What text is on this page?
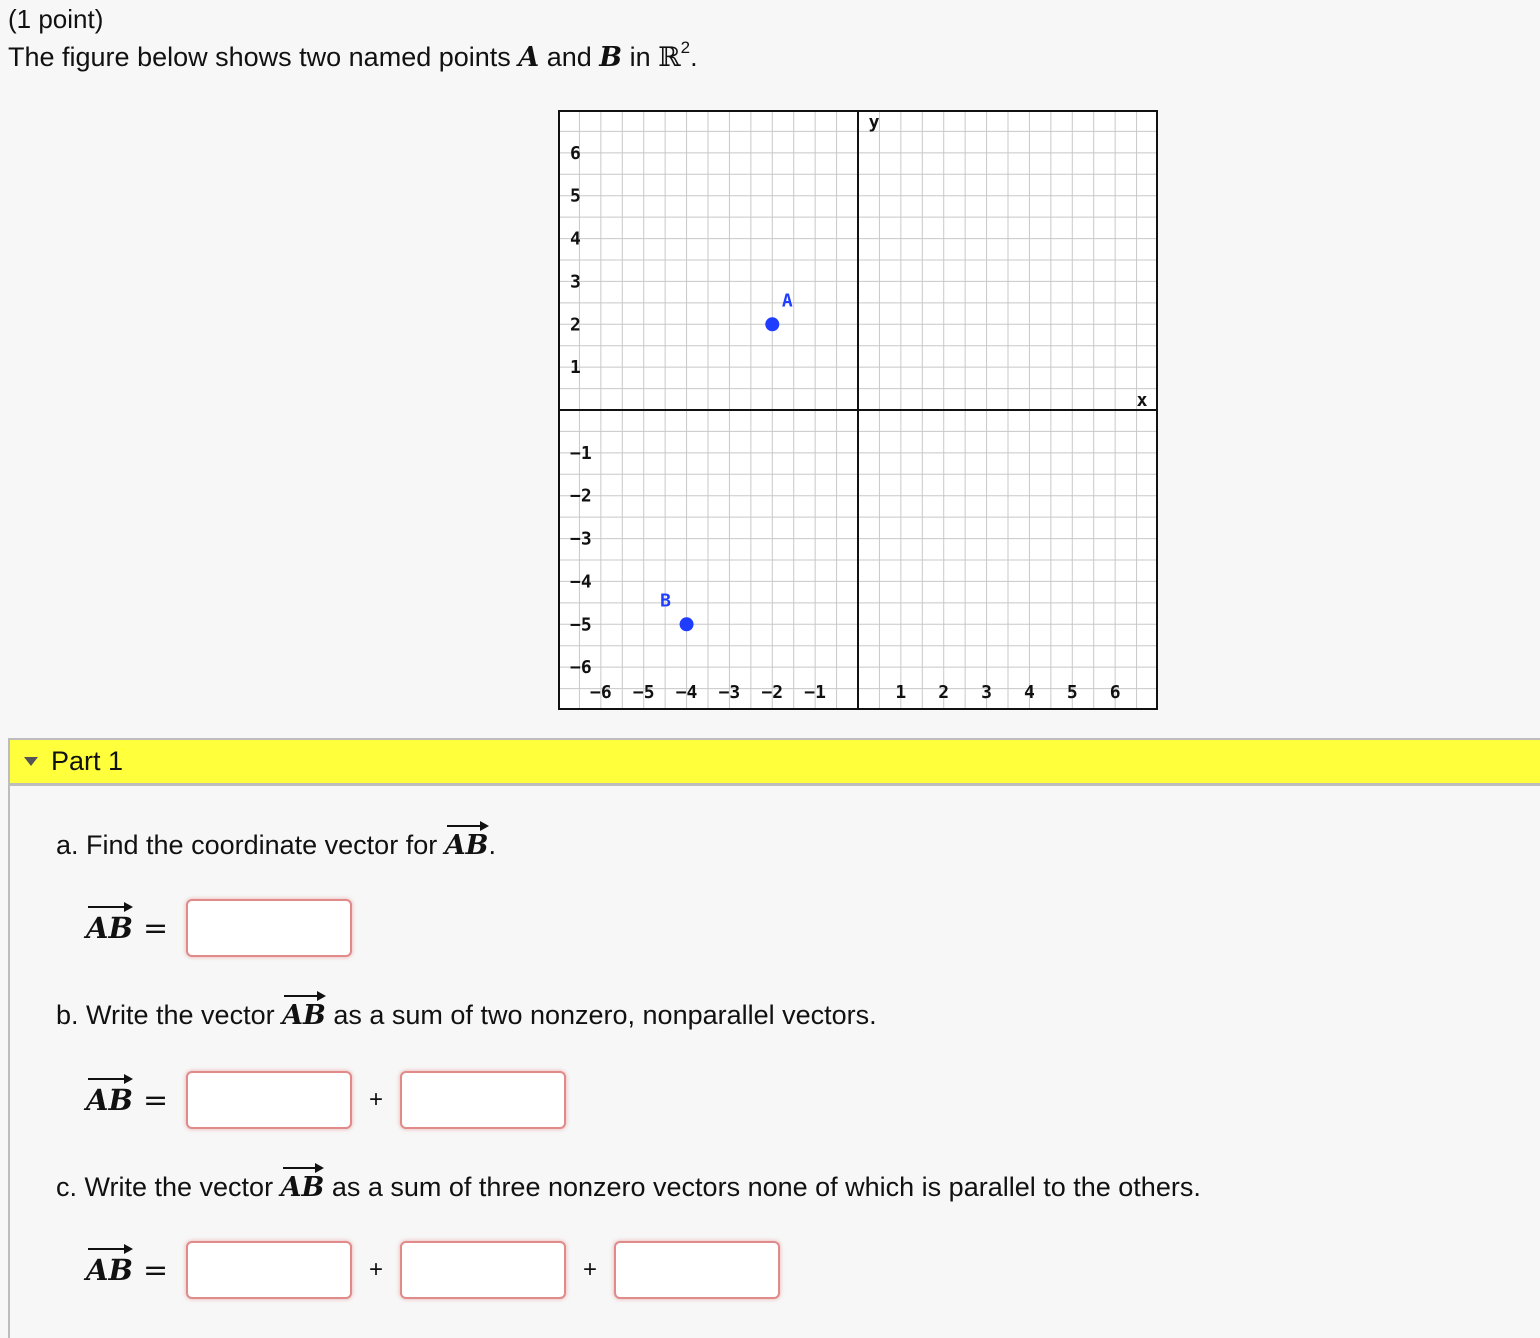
(1 point)
The figure below shows two named points A and B in ℝ$^2$.
−6
−5
−4
−3
−2
−1
1
2
3
4
5
6
−6 −5 −4 −3 −2 −1	1 2 3 4 5 6
y
x
A
B
Part 1
a. Find the coordinate vector for
AB.
AB =
b. Write the vector
AB as a sum of two nonzero, nonparallel vectors.
AB =	+
c. Write the vector
AB as a sum of three nonzero vectors none of which is parallel to the others.
AB =	+	+
